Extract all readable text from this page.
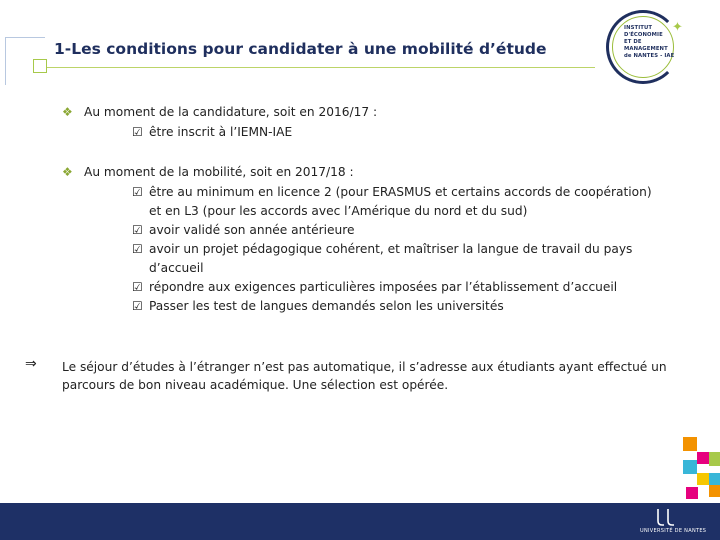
1-Les conditions pour candidater à une mobilité d’étude
✦
INSTITUT
D'ÉCONOMIE
ET DE MANAGEMENT
de NANTES - IAE
❖ Au moment de la candidature, soit en 2016/17 :
☑ être inscrit à l’IEMN-IAE
❖ Au moment de la mobilité, soit en 2017/18 :
☑ être au minimum en licence 2 (pour ERASMUS et certains accords de coopération)
et en L3 (pour les accords avec l’Amérique du nord et du sud)
☑ avoir validé son année antérieure
☑ avoir un projet pédagogique cohérent, et maîtriser la langue de travail du pays
d’accueil
☑ répondre aux exigences particulières imposées par l’établissement d’accueil
☑ Passer les test de langues demandés selon les universités
⇒ Le séjour d’études à l’étranger n’est pas automatique, il s’adresse aux étudiants ayant effectué un parcours de bon niveau académique. Une sélection est opérée.
UNIVERSITÉ DE NANTES
